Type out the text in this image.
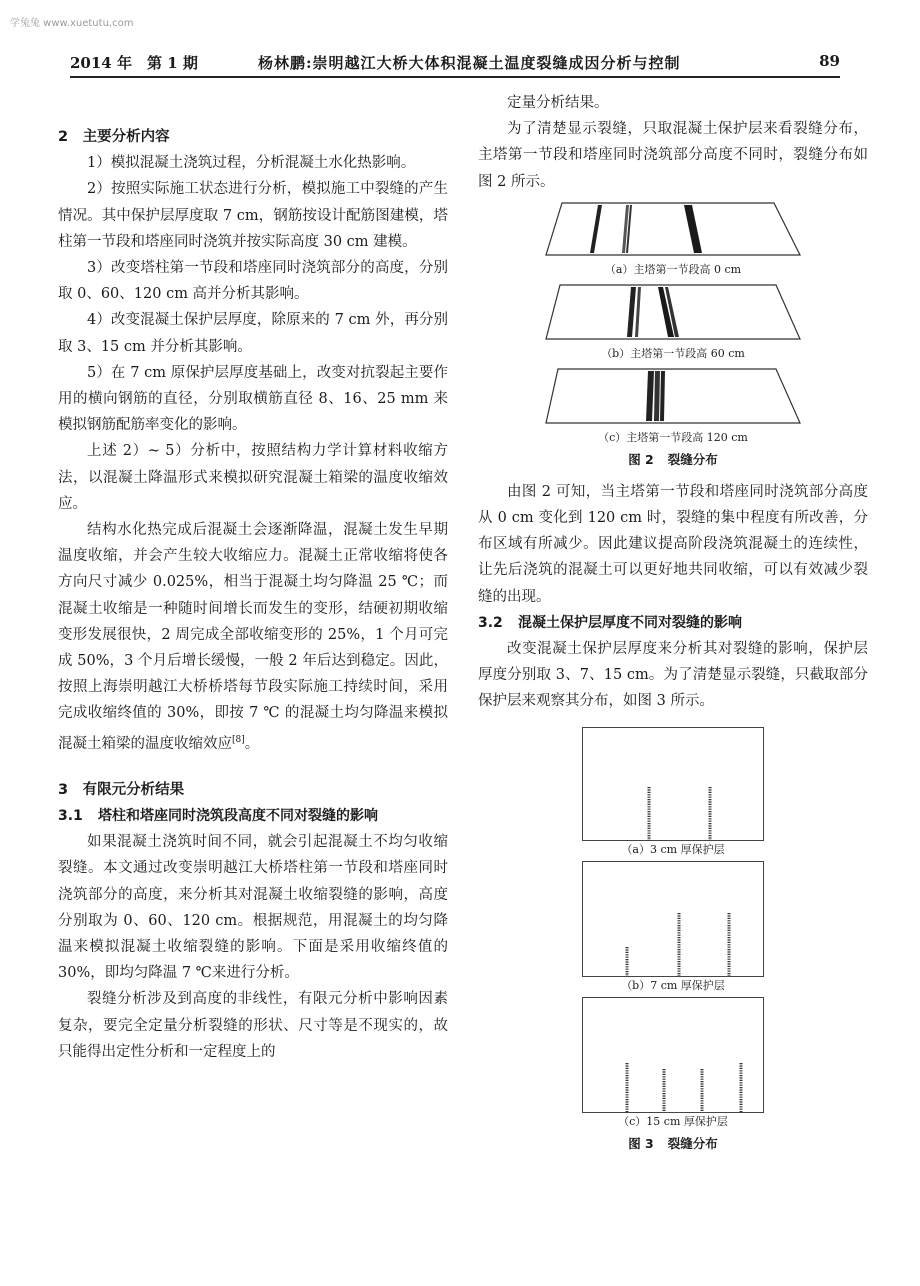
学兔兔 www.xuetutu.com
2014 年　第 1 期	杨林鹏:崇明越江大桥大体积混凝土温度裂缝成因分析与控制	89
2　主要分析内容

1）模拟混凝土浇筑过程，分析混凝土水化热影响。

2）按照实际施工状态进行分析，模拟施工中裂缝的产生情况。其中保护层厚度取 7 cm，钢筋按设计配筋图建模，塔柱第一节段和塔座同时浇筑并按实际高度 30 cm 建模。

3）改变塔柱第一节段和塔座同时浇筑部分的高度，分别取 0、60、120 cm 高并分析其影响。

4）改变混凝土保护层厚度，除原来的 7 cm 外，再分别取 3、15 cm 并分析其影响。

5）在 7 cm 原保护层厚度基础上，改变对抗裂起主要作用的横向钢筋的直径，分别取横筋直径 8、16、25 mm 来模拟钢筋配筋率变化的影响。

上述 2）~ 5）分析中，按照结构力学计算材料收缩方法，以混凝土降温形式来模拟研究混凝土箱梁的温度收缩效应。

结构水化热完成后混凝土会逐渐降温，混凝土发生早期温度收缩，并会产生较大收缩应力。混凝土正常收缩将使各方向尺寸减少 0.025%，相当于混凝土均匀降温 25 ℃；而混凝土收缩是一种随时间增长而发生的变形，结硬初期收缩变形发展很快，2 周完成全部收缩变形的 25%，1 个月可完成 50%，3 个月后增长缓慢，一般 2 年后达到稳定。因此，按照上海崇明越江大桥桥塔每节段实际施工持续时间，采用完成收缩终值的 30%，即按 7 ℃ 的混凝土均匀降温来模拟混凝土箱梁的温度收缩效应[8]。

3　有限元分析结果
3.1	塔柱和塔座同时浇筑段高度不同对裂缝的影响

如果混凝土浇筑时间不同，就会引起混凝土不均匀收缩裂缝。本文通过改变崇明越江大桥塔柱第一节段和塔座同时浇筑部分的高度，来分析其对混凝土收缩裂缝的影响，高度分别取为 0、60、120 cm。根据规范，用混凝土的均匀降温来模拟混凝土收缩裂缝的影响。下面是采用收缩终值的 30%，即均匀降温 7 ℃来进行分析。

裂缝分析涉及到高度的非线性，有限元分析中影响因素复杂，要完全定量分析裂缝的形状、尺寸等是不现实的，故只能得出定性分析和一定程度上的

定量分析结果。

为了清楚显示裂缝，只取混凝土保护层来看裂缝分布，主塔第一节段和塔座同时浇筑部分高度不同时，裂缝分布如图 2 所示。

（a）主塔第一节段高 0 cm
（b）主塔第一节段高 60 cm
（c）主塔第一节段高 120 cm
图 2 裂缝分布

由图 2 可知，当主塔第一节段和塔座同时浇筑部分高度从 0 cm 变化到 120 cm 时，裂缝的集中程度有所改善，分布区域有所减少。因此建议提高阶段浇筑混凝土的连续性，让先后浇筑的混凝土可以更好地共同收缩，可以有效减少裂缝的出现。

3.2	混凝土保护层厚度不同对裂缝的影响

改变混凝土保护层厚度来分析其对裂缝的影响，保护层厚度分别取 3、7、15 cm。为了清楚显示裂缝，只截取部分保护层来观察其分布，如图 3 所示。

（a）3 cm 厚保护层
（b）7 cm 厚保护层
（c）15 cm 厚保护层
图 3 裂缝分布
